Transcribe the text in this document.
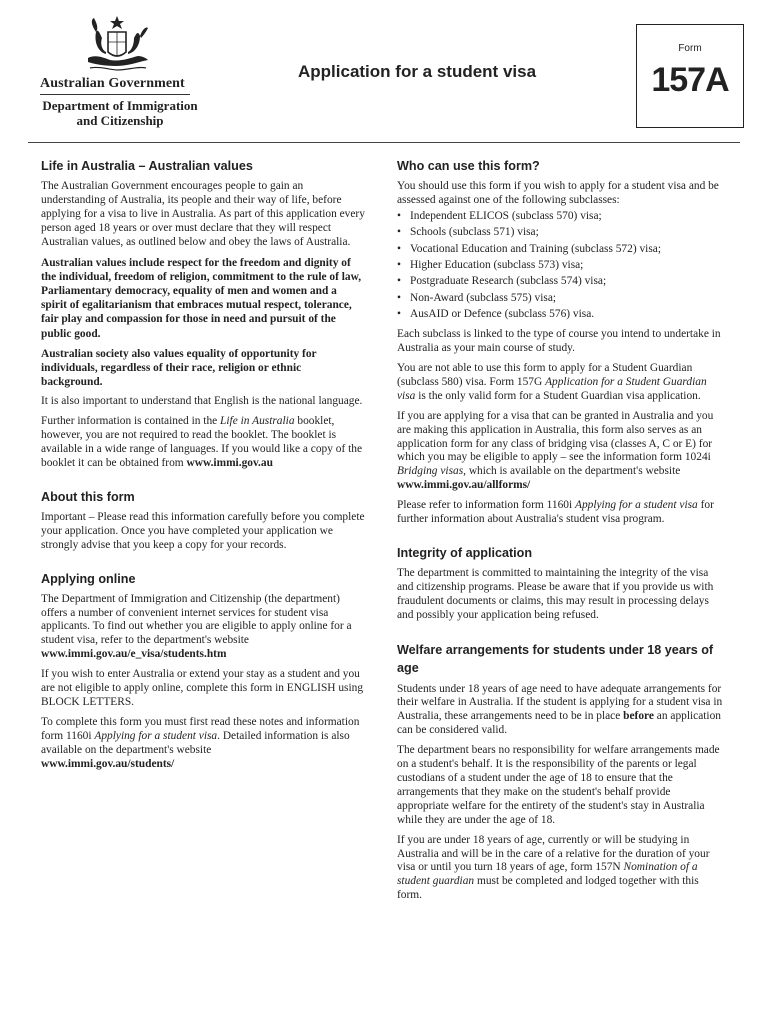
Australian Government
Department of Immigration and Citizenship
Application for a student visa
Form
157A
Life in Australia – Australian values

The Australian Government encourages people to gain an understanding of Australia, its people and their way of life, before applying for a visa to live in Australia. As part of this application every person aged 18 years or over must declare that they will respect Australian values, as outlined below and obey the laws of Australia.

Australian values include respect for the freedom and dignity of the individual, freedom of religion, commitment to the rule of law, Parliamentary democracy, equality of men and women and a spirit of egalitarianism that embraces mutual respect, tolerance, fair play and compassion for those in need and pursuit of the public good.

Australian society also values equality of opportunity for individuals, regardless of their race, religion or ethnic background.

It is also important to understand that English is the national language.

Further information is contained in the Life in Australia booklet, however, you are not required to read the booklet. The booklet is available in a wide range of languages. If you would like a copy of the booklet it can be obtained from www.immi.gov.au

About this form

Important – Please read this information carefully before you complete your application. Once you have completed your application we strongly advise that you keep a copy for your records.

Applying online

The Department of Immigration and Citizenship (the department) offers a number of convenient internet services for student visa applicants. To find out whether you are eligible to apply online for a student visa, refer to the department's website
www.immi.gov.au/e_visa/students.htm

If you wish to enter Australia or extend your stay as a student and you are not eligible to apply online, complete this form in ENGLISH using BLOCK LETTERS.

To complete this form you must first read these notes and information form 1160i Applying for a student visa. Detailed information is also available on the department's website
www.immi.gov.au/students/

Who can use this form?

You should use this form if you wish to apply for a student visa and be assessed against one of the following subclasses:

• Independent ELICOS (subclass 570) visa;
• Schools (subclass 571) visa;
• Vocational Education and Training (subclass 572) visa;
• Higher Education (subclass 573) visa;
• Postgraduate Research (subclass 574) visa;
• Non-Award (subclass 575) visa;
• AusAID or Defence (subclass 576) visa.

Each subclass is linked to the type of course you intend to undertake in Australia as your main course of study.

You are not able to use this form to apply for a Student Guardian (subclass 580) visa. Form 157G Application for a Student Guardian visa is the only valid form for a Student Guardian visa application.

If you are applying for a visa that can be granted in Australia and you are making this application in Australia, this form also serves as an application form for any class of bridging visa (classes A, C or E) for which you may be eligible to apply – see the information form 1024i Bridging visas, which is available on the department's website www.immi.gov.au/allforms/

Please refer to information form 1160i Applying for a student visa for further information about Australia's student visa program.

Integrity of application

The department is committed to maintaining the integrity of the visa and citizenship programs. Please be aware that if you provide us with fraudulent documents or claims, this may result in processing delays and possibly your application being refused.

Welfare arrangements for students under 18 years of age

Students under 18 years of age need to have adequate arrangements for their welfare in Australia. If the student is applying for a student visa in Australia, these arrangements need to be in place before an application can be considered valid.

The department bears no responsibility for welfare arrangements made on a student's behalf. It is the responsibility of the parents or legal custodians of a student under the age of 18 to ensure that the arrangements that they make on the student's behalf provide appropriate welfare for the entirety of the student's stay in Australia while they are under the age of 18.

If you are under 18 years of age, currently or will be studying in Australia and will be in the care of a relative for the duration of your visa or until you turn 18 years of age, form 157N Nomination of a student guardian must be completed and lodged together with this form.
